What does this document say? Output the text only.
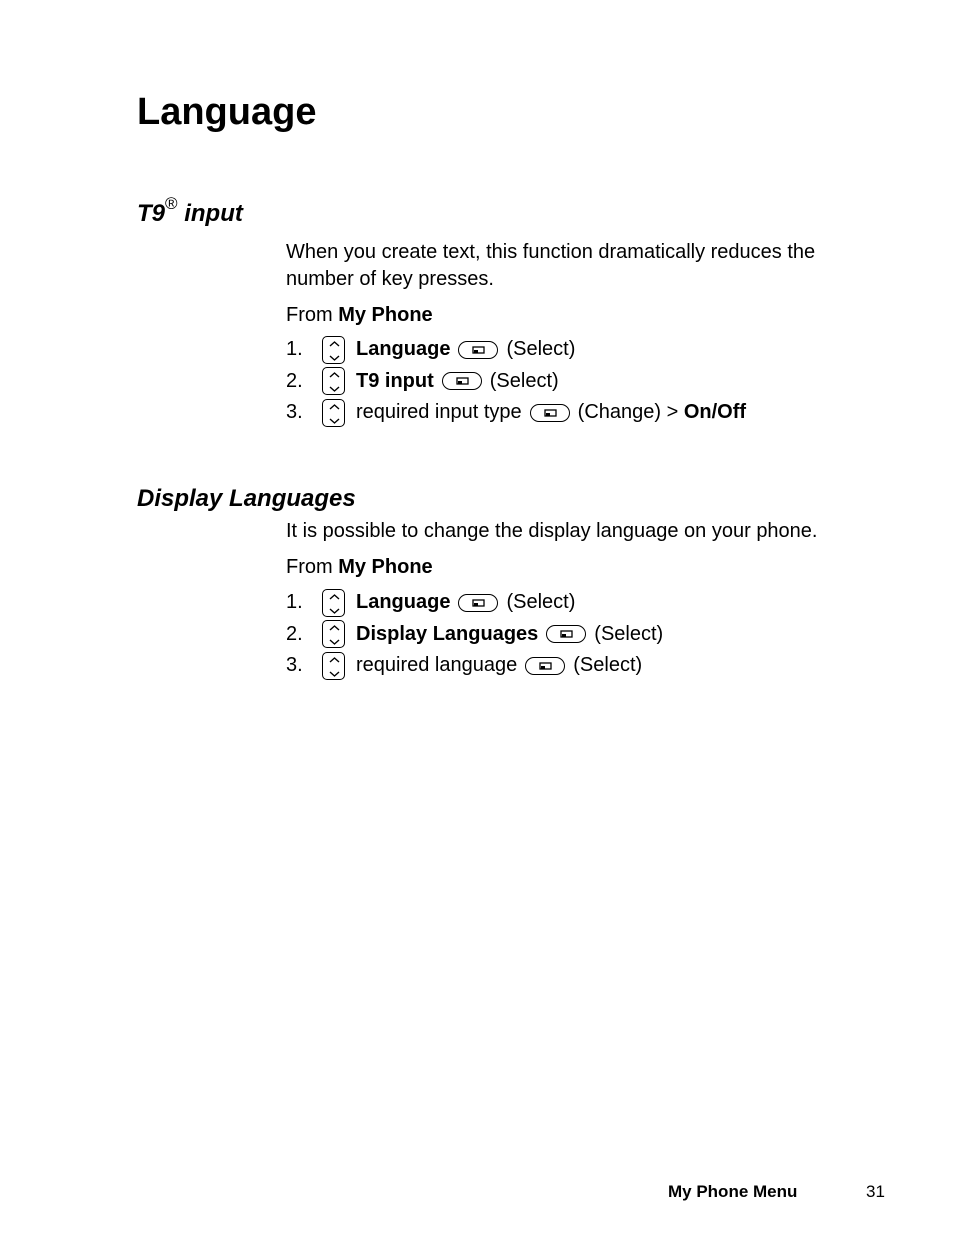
Language
T9® input

When you create text, this function dramatically reduces the number of key presses.

From My Phone

1.	Language	(Select)
2.	T9 input	(Select)
3.	required input type	(Change) > On/Off
Display Languages

It is possible to change the display language on your phone.

From My Phone

1.	Language	(Select)
2.	Display Languages	(Select)
3.	required language	(Select)
My Phone Menu	31
